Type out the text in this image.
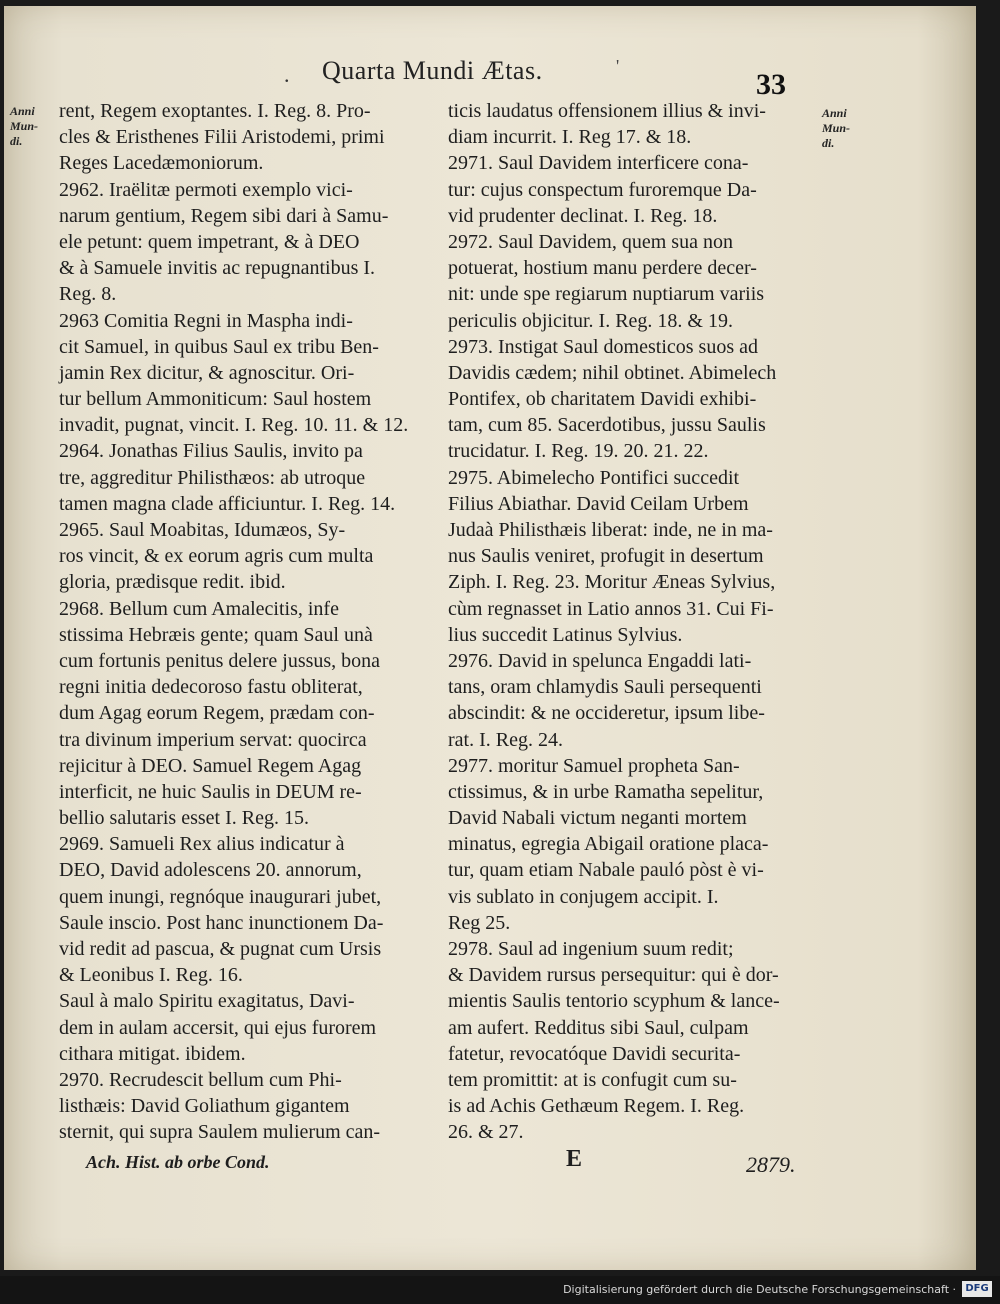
. Quarta Mundi Ætas.	'
33
Anni
Mun-
di.
Anni
Mun-
di.
rent, Regem exoptantes. I. Reg. 8. Pro-
cles & Eristhenes Filii Aristodemi, primi
Reges Lacedæmoniorum.
2962. Iraëlitæ permoti exemplo vici-
narum gentium, Regem sibi dari à Samu-
ele petunt: quem impetrant, & à DEO
& à Samuele invitis ac repugnantibus I.
Reg. 8.
2963 Comitia Regni in Maspha indi-
cit Samuel, in quibus Saul ex tribu Ben-
jamin Rex dicitur, & agnoscitur. Ori-
tur bellum Ammoniticum: Saul hostem
invadit, pugnat, vincit. I. Reg. 10. 11. & 12.
2964. Jonathas Filius Saulis, invito pa
tre, aggreditur Philisthæos: ab utroque
tamen magna clade afficiuntur. I. Reg. 14.
2965. Saul Moabitas, Idumæos, Sy-
ros vincit, & ex eorum agris cum multa
gloria, prædisque redit. ibid.
2968. Bellum cum Amalecitis, infe
stissima Hebræis gente; quam Saul unà
cum fortunis penitus delere jussus, bona
regni initia dedecoroso fastu obliterat,
dum Agag eorum Regem, prædam con-
tra divinum imperium servat: quocirca
rejicitur à DEO. Samuel Regem Agag
interficit, ne huic Saulis in DEUM re-
bellio salutaris esset I. Reg. 15.
2969. Samueli Rex alius indicatur à
DEO, David adolescens 20. annorum,
quem inungi, regnóque inaugurari jubet,
Saule inscio. Post hanc inunctionem Da-
vid redit ad pascua, & pugnat cum Ursis
& Leonibus I. Reg. 16.
Saul à malo Spiritu exagitatus, Davi-
dem in aulam accersit, qui ejus furorem
cithara mitigat. ibidem.
2970. Recrudescit bellum cum Phi-
listhæis: David Goliathum gigantem
sternit, qui supra Saulem mulierum can-
ticis laudatus offensionem illius & invi-
diam incurrit. I. Reg 17. & 18.
2971. Saul Davidem interficere cona-
tur: cujus conspectum furoremque Da-
vid prudenter declinat. I. Reg. 18.
2972. Saul Davidem, quem sua non
potuerat, hostium manu perdere decer-
nit: unde spe regiarum nuptiarum variis
periculis objicitur. I. Reg. 18. & 19.
2973. Instigat Saul domesticos suos ad
Davidis cædem; nihil obtinet. Abimelech
Pontifex, ob charitatem Davidi exhibi-
tam, cum 85. Sacerdotibus, jussu Saulis
trucidatur. I. Reg. 19. 20. 21. 22.
2975. Abimelecho Pontifici succedit
Filius Abiathar. David Ceilam Urbem
Judaà Philisthæis liberat: inde, ne in ma-
nus Saulis veniret, profugit in desertum
Ziph. I. Reg. 23. Moritur Æneas Sylvius,
cùm regnasset in Latio annos 31. Cui Fi-
lius succedit Latinus Sylvius.
2976. David in spelunca Engaddi lati-
tans, oram chlamydis Sauli persequenti
abscindit: & ne occideretur, ipsum libe-
rat. I. Reg. 24.
2977. moritur Samuel propheta San-
ctissimus, & in urbe Ramatha sepelitur,
David Nabali victum neganti mortem
minatus, egregia Abigail oratione placa-
tur, quam etiam Nabale pauló pòst è vi-
vis sublato in conjugem accipit. I.
Reg 25.
2978. Saul ad ingenium suum redit;
& Davidem rursus persequitur: qui è dor-
mientis Saulis tentorio scyphum & lance-
am aufert. Redditus sibi Saul, culpam
fatetur, revocatóque Davidi securita-
tem promittit: at is confugit cum su-
is ad Achis Gethæum Regem. I. Reg.
26. & 27.
Ach. Hist. ab orbe Cond.	E	2879.
Digitalisierung gefördert durch die Deutsche Forschungsgemeinschaft · DFG
